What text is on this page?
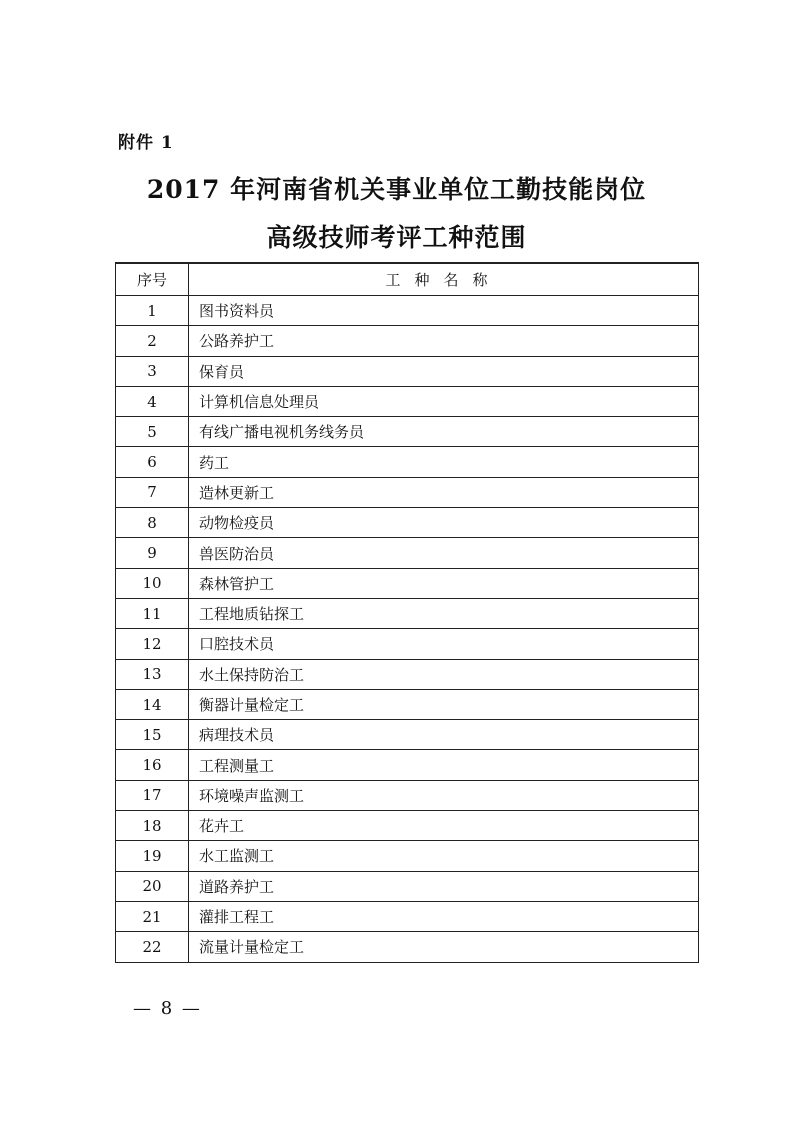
附件 1
2017 年河南省机关事业单位工勤技能岗位
高级技师考评工种范围
序号	工种名称
1	图书资料员
2	公路养护工
3	保育员
4	计算机信息处理员
5	有线广播电视机务线务员
6	药工
7	造林更新工
8	动物检疫员
9	兽医防治员
10	森林管护工
11	工程地质钻探工
12	口腔技术员
13	水土保持防治工
14	衡器计量检定工
15	病理技术员
16	工程测量工
17	环境噪声监测工
18	花卉工
19	水工监测工
20	道路养护工
21	灌排工程工
22	流量计量检定工
— 8 —
